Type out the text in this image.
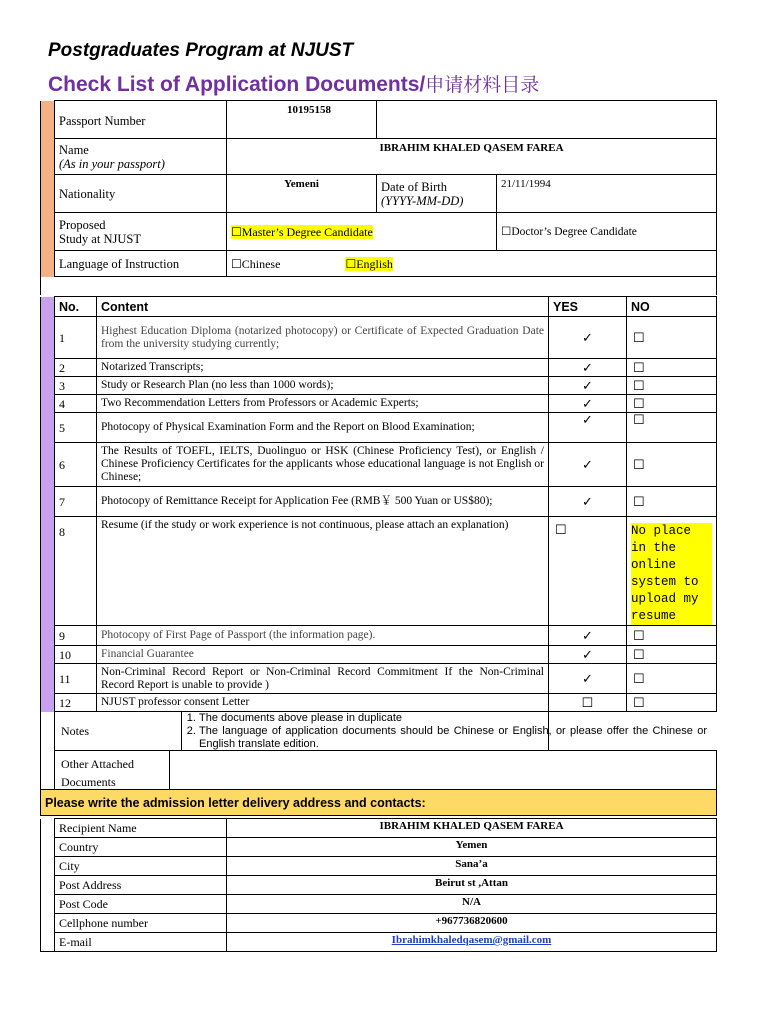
Postgraduates Program at NJUST
Check List of Application Documents/申请材料目录
	Passport Number	10195158		

	Name
(As in your passport)	IBRAHIM KHALED QASEM FAREA		
	Nationality	Yemeni	Date of Birth
(YYYY-MM-DD)	21/11/1994

	Proposed
Study at NJUST	☐Master’s Degree Candidate		☐Doctor’s Degree Candidate
	Language of Instruction	☐Chinese ☐English		

	No.	Content	YES	NO
	1	Highest Education Diploma (notarized photocopy) or Certificate of Expected Graduation Date from the university studying currently;	✓	☐
	2	Notarized Transcripts;	✓	☐
	3	Study or Research Plan (no less than 1000 words);	✓	☐
	4	Two Recommendation Letters from Professors or Academic Experts;	✓	☐
	5	Photocopy of Physical Examination Form and the Report on Blood Examination;	✓	☐
	6	The Results of TOEFL, IELTS, Duolinguo or HSK (Chinese Proficiency Test), or English / Chinese Proficiency Certificates for the applicants whose educational language is not English or Chinese;	✓	☐
	7	Photocopy of Remittance Receipt for Application Fee (RMB￥ 500 Yuan or US$80);	✓	☐
	8	Resume (if the study or work experience is not continuous, please attach an explanation)	☐	No place in the online system to upload my resume
	9	Photocopy of First Page of Passport (the information page).	✓	☐
	10	Financial Guarantee	✓	☐
	11	Non-Criminal Record Report or Non-Criminal Record Commitment If the Non-Criminal Record Report is unable to provide )	✓	☐
	12	NJUST professor consent Letter	☐	☐

Notes			

	Other Attached
Documents			

Please write the admission letter delivery address and contacts:				
1. The documents above please in duplicate
2. The language of application documents should be Chinese or English, or please offer the Chinese or English translate edition.
	Recipient Name	IBRAHIM KHALED QASEM FAREA
	Country	Yemen
	City	Sana’a
	Post Address	Beirut st ,Attan
	Post Code	N/A
	Cellphone number	+967736820600
	E-mail	Ibrahimkhaledqasem@gmail.com
